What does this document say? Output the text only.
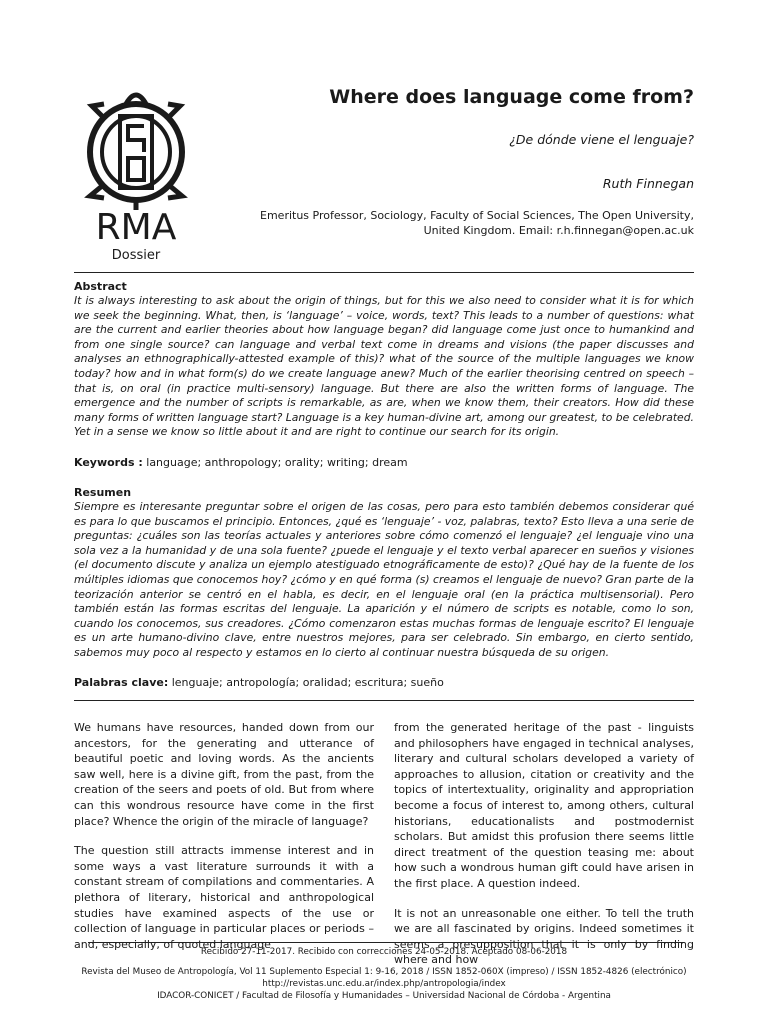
RMA
Dossier
Where does language come from?
¿De dónde viene el lenguaje?
Ruth Finnegan
Emeritus Professor, Sociology, Faculty of Social Sciences, The Open University,
United Kingdom. Email: r.h.finnegan@open.ac.uk
Abstract
It is always interesting to ask about the origin of things, but for this we also need to consider what it is for which we seek the beginning. What, then, is ‘language’ – voice, words, text? This leads to a number of questions: what are the current and earlier theories about how language began? did language come just once to humankind and from one single source? can language and verbal text come in dreams and visions (the paper discusses and analyses an ethnographically-attested example of this)? what of the source of the multiple languages we know today? how and in what form(s) do we create language anew? Much of the earlier theorising centred on speech – that is, on oral (in practice multi-sensory) language. But there are also the written forms of language. The emergence and the number of scripts is remarkable, as are, when we know them, their creators. How did these many forms of written language start? Language is a key human-divine art, among our greatest, to be celebrated. Yet in a sense we know so little about it and are right to continue our search for its origin.
Keywords : language; anthropology; orality; writing; dream
Resumen
Siempre es interesante preguntar sobre el origen de las cosas, pero para esto también debemos considerar qué es para lo que buscamos el principio. Entonces, ¿qué es ‘lenguaje’ - voz, palabras, texto? Esto lleva a una serie de preguntas: ¿cuáles son las teorías actuales y anteriores sobre cómo comenzó el lenguaje? ¿el lenguaje vino una sola vez a la humanidad y de una sola fuente? ¿puede el lenguaje y el texto verbal aparecer en sueños y visiones (el documento discute y analiza un ejemplo atestiguado etnográficamente de esto)? ¿Qué hay de la fuente de los múltiples idiomas que conocemos hoy? ¿cómo y en qué forma (s) creamos el lenguaje de nuevo? Gran parte de la teorización anterior se centró en el habla, es decir, en el lenguaje oral (en la práctica multisensorial). Pero también están las formas escritas del lenguaje. La aparición y el número de scripts es notable, como lo son, cuando los conocemos, sus creadores. ¿Cómo comenzaron estas muchas formas de lenguaje escrito? El lenguaje es un arte humano-divino clave, entre nuestros mejores, para ser celebrado. Sin embargo, en cierto sentido, sabemos muy poco al respecto y estamos en lo cierto al continuar nuestra búsqueda de su origen.
Palabras clave: lenguaje; antropología; oralidad; escritura; sueño

We humans have resources, handed down from our ancestors, for the generating and utterance of beautiful poetic and loving words. As the ancients saw well, here is a divine gift, from the past, from the creation of the seers and poets of old. But from where can this wondrous resource have come in the first place? Whence the origin of the miracle of language?

The question still attracts immense interest and in some ways a vast literature surrounds it with a constant stream of compilations and commentaries. A plethora of literary, historical and anthropological studies have examined aspects of the use or collection of language in particular places or periods – and, especially, of quoted language

from the generated heritage of the past - linguists and philosophers have engaged in technical analyses, literary and cultural scholars developed a variety of approaches to allusion, citation or creativity and the topics of intertextuality, originality and appropriation become a focus of interest to, among others, cultural historians, educationalists and postmodernist scholars. But amidst this profusion there seems little direct treatment of the question teasing me: about how such a wondrous human gift could have arisen in the first place. A question indeed.

It is not an unreasonable one either. To tell the truth we are all fascinated by origins. Indeed sometimes it seems a presupposition that it is only by finding where and how

Recibido 27-11-2017. Recibido con correcciones 24-05-2018. Aceptado 08-06-2018
Revista del Museo de Antropología, Vol 11 Suplemento Especial 1: 9-16, 2018 / ISSN 1852-060X (impreso) / ISSN 1852-4826 (electrónico)
http://revistas.unc.edu.ar/index.php/antropologia/index
IDACOR-CONICET / Facultad de Filosofía y Humanidades – Universidad Nacional de Córdoba - Argentina
